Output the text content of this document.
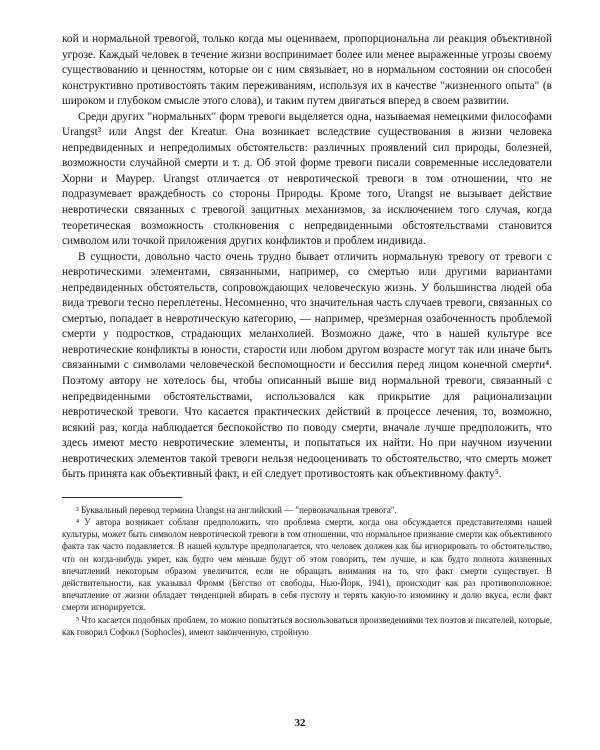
кой и нормальной тревогой, только когда мы оцениваем, пропорциональна ли реакция объективной угрозе. Каждый человек в течение жизни воспринимает более или менее выраженные угрозы своему существованию и ценностям, которые он с ним связывает, но в нормальном состоянии он способен конструктивно противостоять таким переживаниям, используя их в качестве "жизненного опыта" (в широком и глубоком смысле этого слова), и таким путем двигаться вперед в своем развитии.

Среди других "нормальных" форм тревоги выделяется одна, называемая немецкими философами Urangst³ или Angst der Kreatur. Она возникает вследствие существования в жизни человека непредвиденных и непредолимых обстоятельств: различных проявлений сил природы, болезней, возможности случайной смерти и т. д. Об этой форме тревоги писали современные исследователи Хорни и Маурер. Urangst отличается от невротической тревоги в том отношении, что не подразумевает враждебность со стороны Природы. Кроме того, Urangst не вызывает действие невротически связанных с тревогой защитных механизмов, за исключением того случая, когда теоретическая возможность столкновения с непредвиденными обстоятельствами становится символом или точкой приложения других конфликтов и проблем индивида.

В сущности, довольно часто очень трудно бывает отличить нормальную тревогу от тревоги с невротическими элементами, связанными, например, со смертью или другими вариантами непредвиденных обстоятельств, сопровождающих человеческую жизнь. У большинства людей оба вида тревоги тесно переплетены. Несомненно, что значительная часть случаев тревоги, связанных со смертью, попадает в невротическую категорию, — например, чрезмерная озабоченность проблемой смерти у подростков, страдающих меланхолией. Возможно даже, что в нашей культуре все невротические конфликты в юности, старости или любом другом возрасте могут так или иначе быть связанными с символами человеческой беспомощности и бессилия перед лицом конечной смерти⁴. Поэтому автору не хотелось бы, чтобы описанный выше вид нормальной тревоги, связанный с непредвиденными обстоятельствами, использовался как прикрытие для рационализации невротической тревоги. Что касается практических действий в процессе лечения, то, возможно, всякий раз, когда наблюдается беспокойство по поводу смерти, вначале лучше предположить, что здесь имеют место невротические элементы, и попытаться их найти. Но при научном изучении невротических элементов такой тревоги нельзя недооценивать то обстоятельство, что смерть может быть принята как объективный факт, и ей следует противостоять как объективному факту⁵.

³ Буквальный перевод термина Urangst на английский — "первоначальная тревога".

⁴ У автора возникает соблазн предположить, что проблема смерти, когда она обсуждается представителями нашей культуры, может быть символом невротической тревоги в том отношении, что нормальное признание смерти как объективного факта так часто подавляется. В нашей культуре предполагается, что человек должен как бы игнорировать то обстоятельство, что он когда-нибудь умрет, как будто чем меньше будут об этом говорить, тем лучше, и как будто полнота жизненных впечатлений некоторым образом увеличится, если не обращать внимания на то, что факт смерти существует. В действительности, как указывал Фромм (Бегство от свободы, Нью-Йорк, 1941), происходит как раз противоположное: впечатление от жизни обладает тенденцией вбирать в себя пустоту и терять какую-то изюминку и долю вкуса, если факт смерти игнорируется.

⁵ Что касается подобных проблем, то можно попытаться воспользоваться произведениями тех поэтов и писателей, которые, как говорил Софокл (Sophocles), имеют законченную, стройную

32
